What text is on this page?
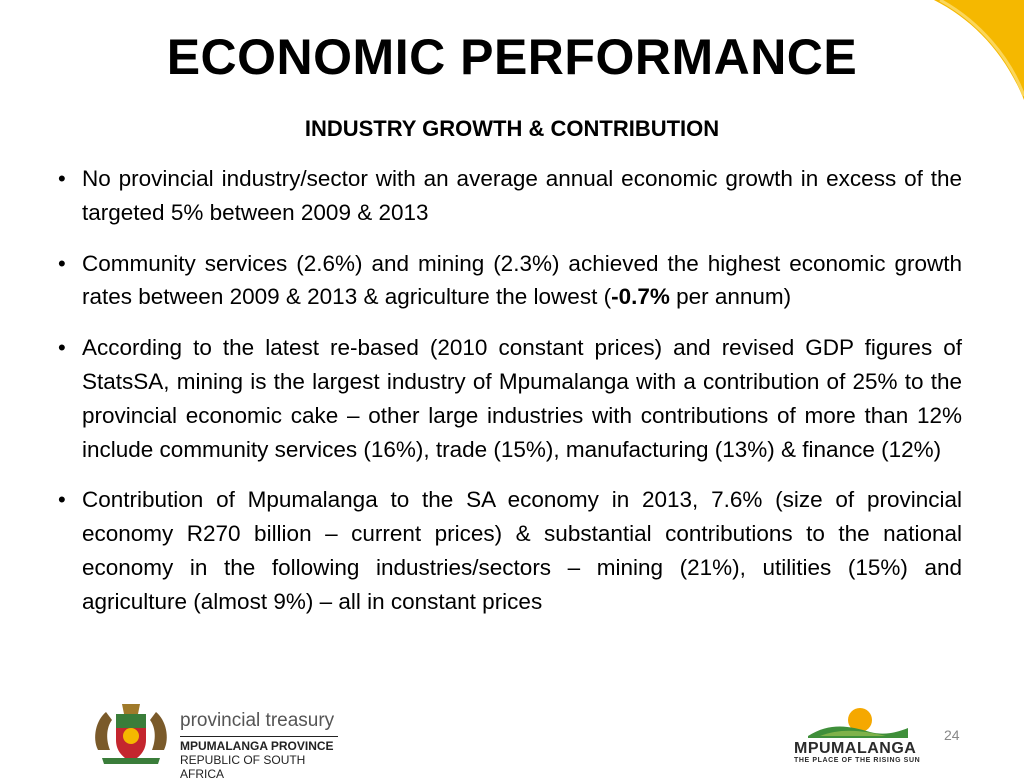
ECONOMIC PERFORMANCE
INDUSTRY GROWTH & CONTRIBUTION
• No provincial industry/sector with an average annual economic growth in excess of the targeted 5% between 2009 & 2013
• Community services (2.6%) and mining (2.3%) achieved the highest economic growth rates between 2009 & 2013 & agriculture the lowest (-0.7% per annum)
• According to the latest re-based (2010 constant prices) and revised GDP figures of StatsSA, mining is the largest industry of Mpumalanga with a contribution of 25% to the provincial economic cake – other large industries with contributions of more than 12% include community services (16%), trade (15%), manufacturing (13%) & finance (12%)
• Contribution of Mpumalanga to the SA economy in 2013, 7.6% (size of provincial economy R270 billion – current prices) & substantial contributions to the national economy in the following industries/sectors – mining (21%), utilities (15%) and agriculture (almost 9%) – all in constant prices
provincial treasury
MPUMALANGA PROVINCE
REPUBLIC OF SOUTH AFRICA
MPUMALANGA
THE PLACE OF THE RISING SUN
24
